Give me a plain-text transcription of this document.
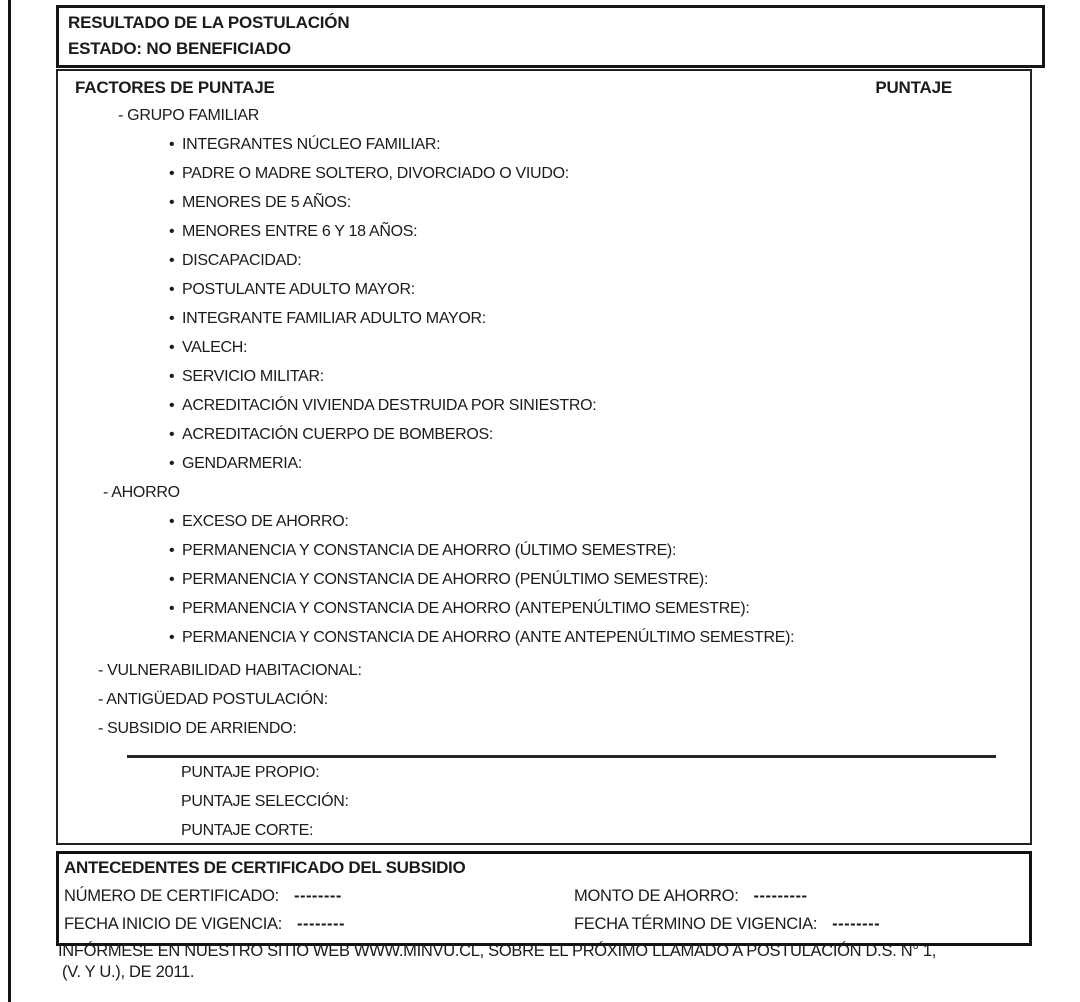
RESULTADO DE LA POSTULACIÓN
ESTADO: NO BENEFICIADO
FACTORES DE PUNTAJE	PUNTAJE
- GRUPO FAMILIAR
•INTEGRANTES NÚCLEO FAMILIAR:
•PADRE O MADRE SOLTERO, DIVORCIADO O VIUDO:
•MENORES DE 5 AÑOS:
•MENORES ENTRE 6 Y 18 AÑOS:
•DISCAPACIDAD:
•POSTULANTE ADULTO MAYOR:
•INTEGRANTE FAMILIAR ADULTO MAYOR:
•VALECH:
•SERVICIO MILITAR:
•ACREDITACIÓN VIVIENDA DESTRUIDA POR SINIESTRO:
•ACREDITACIÓN CUERPO DE BOMBEROS:
•GENDARMERIA:
- AHORRO
•EXCESO DE AHORRO:
•PERMANENCIA Y CONSTANCIA DE AHORRO (ÚLTIMO SEMESTRE):
•PERMANENCIA Y CONSTANCIA DE AHORRO (PENÚLTIMO SEMESTRE):
•PERMANENCIA Y CONSTANCIA DE AHORRO (ANTEPENÚLTIMO SEMESTRE):
•PERMANENCIA Y CONSTANCIA DE AHORRO (ANTE ANTEPENÚLTIMO SEMESTRE):
- VULNERABILIDAD HABITACIONAL:
- ANTIGÜEDAD POSTULACIÓN:
- SUBSIDIO DE ARRIENDO:
PUNTAJE PROPIO:
PUNTAJE SELECCIÓN:
PUNTAJE CORTE:
ANTECEDENTES DE CERTIFICADO DEL SUBSIDIO
NÚMERO DE CERTIFICADO: --------	MONTO DE AHORRO: ---------
FECHA INICIO DE VIGENCIA: --------	FECHA TÉRMINO DE VIGENCIA: --------
INFÓRMESE EN NUESTRO SITIO WEB WWW.MINVU.CL, SOBRE EL PRÓXIMO LLAMADO A POSTULACIÓN D.S. N° 1,
(V. Y U.), DE 2011.
